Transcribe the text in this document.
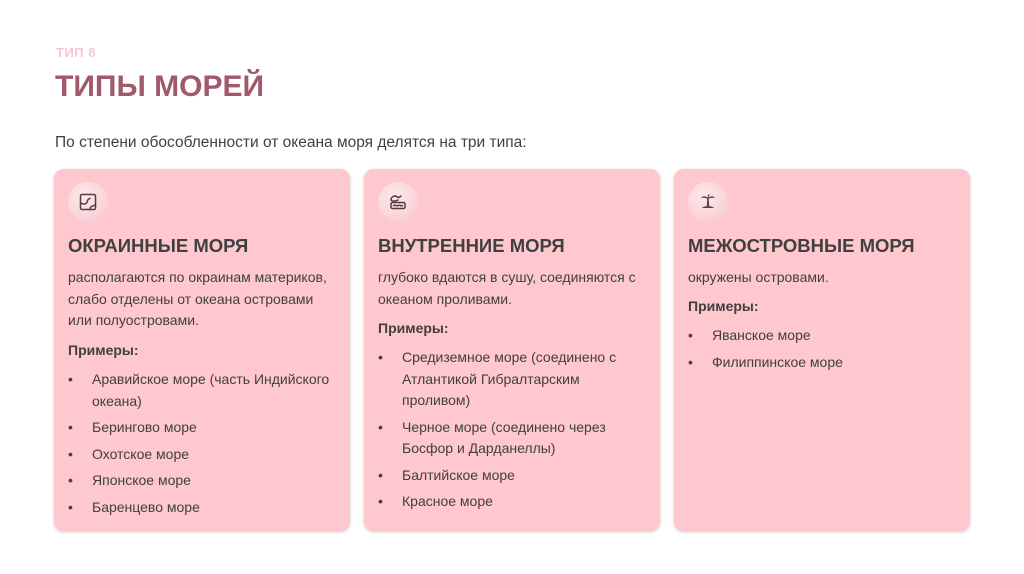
ТИП 8
ТИПЫ МОРЕЙ
По степени обособленности от океана моря делятся на три типа:
ОКРАИННЫЕ МОРЯ

располагаются по окраинам материков, слабо отделены от океана островами или полуостровами.

Примеры:
• Аравийское море (часть Индийского океана)
• Берингово море
• Охотское море
• Японское море
• Баренцево море
ВНУТРЕННИЕ МОРЯ

глубоко вдаются в сушу, соединяются с океаном проливами.

Примеры:
• Средиземное море (соединено с Атлантикой Гибралтарским проливом)
• Черное море (соединено через Босфор и Дарданеллы)
• Балтийское море
• Красное море
МЕЖОСТРОВНЫЕ МОРЯ

окружены островами.

Примеры:
• Яванское море
• Филиппинское море
